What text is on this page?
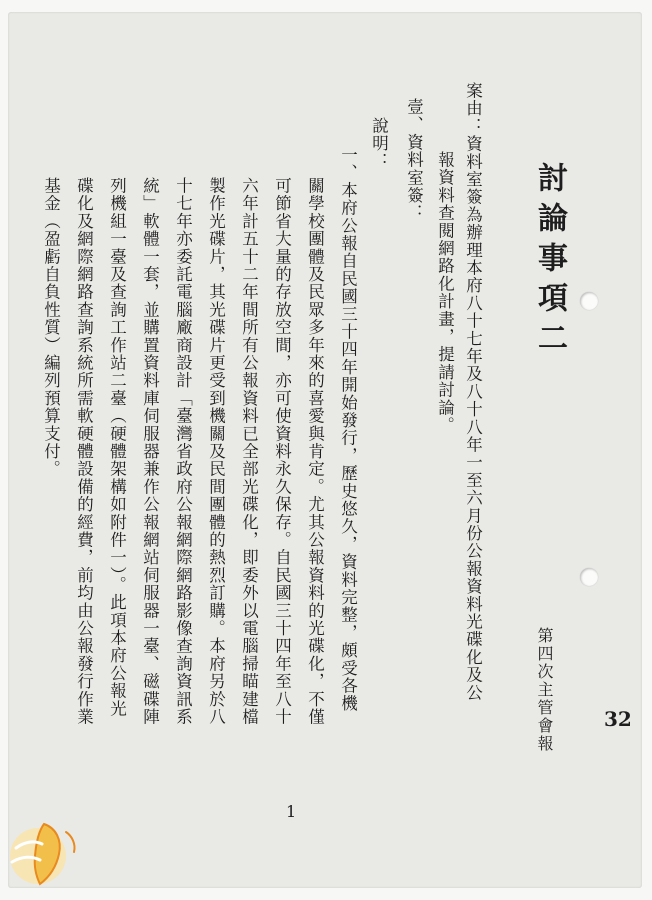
討論事項二
案由：資料室簽為辦理本府八十七年及八十八年一至六月份公報資料光碟化及公
報資料查閱網路化計畫，提請討論。
壹、資料室簽：
說明：
一、本府公報自民國三十四年開始發行，歷史悠久，資料完整，頗受各機
關學校團體及民眾多年來的喜愛與肯定。尤其公報資料的光碟化，不僅
可節省大量的存放空間，亦可使資料永久保存。自民國三十四年至八十
六年計五十二年間所有公報資料已全部光碟化，即委外以電腦掃瞄建檔
製作光碟片，其光碟片更受到機關及民間團體的熱烈訂購。本府另於八
十七年亦委託電腦廠商設計「臺灣省政府公報網際網路影像查詢資訊系
統」軟體一套，並購置資料庫伺服器兼作公報網站伺服器一臺、磁碟陣
列機組一臺及查詢工作站二臺（硬體架構如附件一）。此項本府公報光
碟化及網際網路查詢系統所需軟硬體設備的經費，前均由公報發行作業
基金（盈虧自負性質）編列預算支付。
第四次主管會報	32
1
